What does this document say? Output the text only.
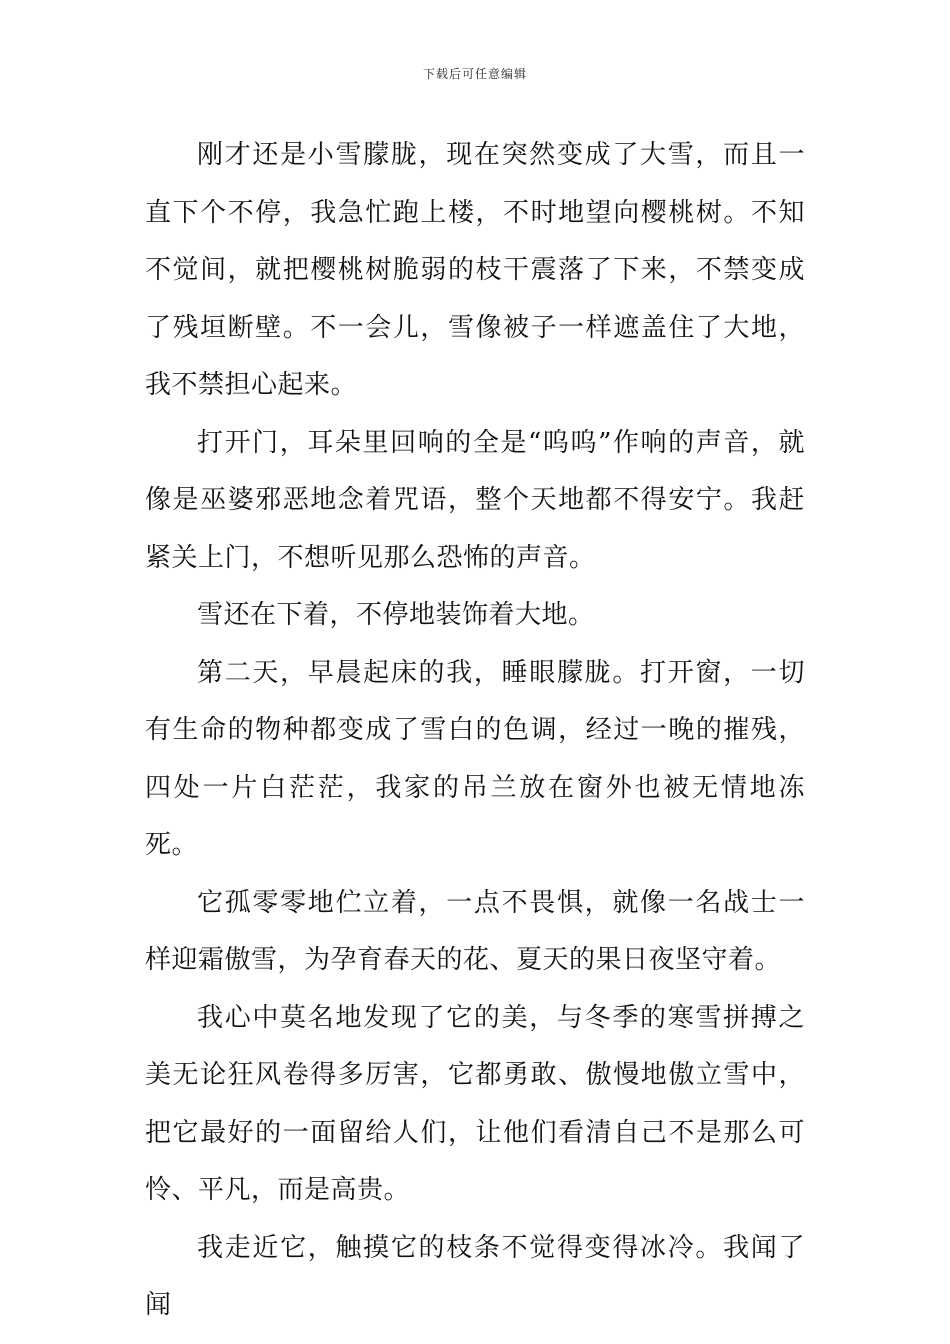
下载后可任意编辑

刚才还是小雪朦胧，现在突然变成了大雪，而且一直下个不停，我急忙跑上楼，不时地望向樱桃树。不知不觉间，就把樱桃树脆弱的枝干震落了下来，不禁变成了残垣断壁。不一会儿，雪像被子一样遮盖住了大地，我不禁担心起来。

打开门，耳朵里回响的全是“呜呜”作响的声音，就像是巫婆邪恶地念着咒语，整个天地都不得安宁。我赶紧关上门，不想听见那么恐怖的声音。

雪还在下着，不停地装饰着大地。

第二天，早晨起床的我，睡眼朦胧。打开窗，一切有生命的物种都变成了雪白的色调，经过一晚的摧残，四处一片白茫茫，我家的吊兰放在窗外也被无情地冻死。

它孤零零地伫立着，一点不畏惧，就像一名战士一样迎霜傲雪，为孕育春天的花、夏天的果日夜坚守着。

我心中莫名地发现了它的美，与冬季的寒雪拼搏之美无论狂风卷得多厉害，它都勇敢、傲慢地傲立雪中，把它最好的一面留给人们，让他们看清自己不是那么可怜、平凡，而是高贵。

我走近它，触摸它的枝条不觉得变得冰冷。我闻了闻
